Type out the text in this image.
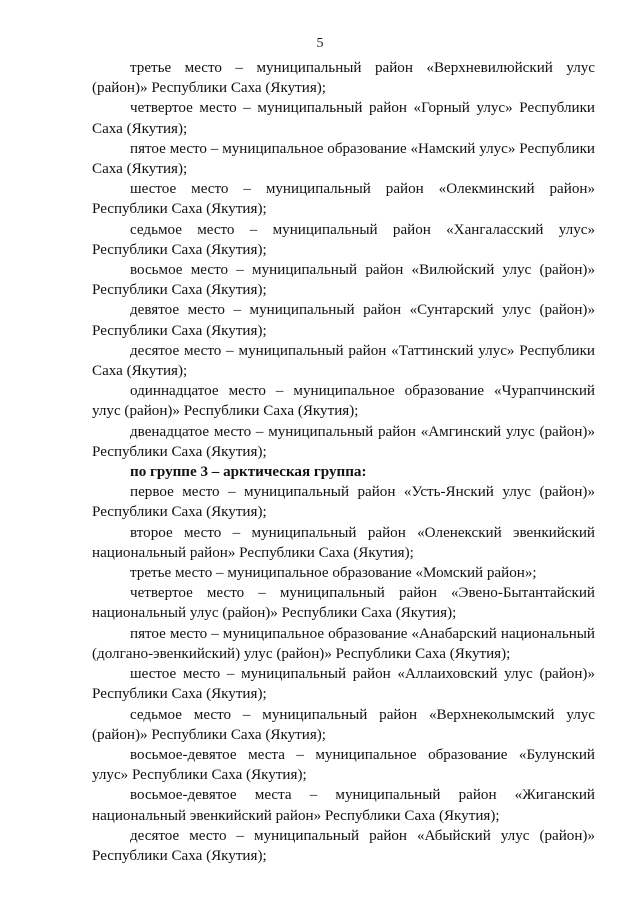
5

третье место – муниципальный район «Верхневилюйский улус
(район)» Республики Саха (Якутия);

четвертое место – муниципальный район «Горный улус» Республики
Саха (Якутия);

пятое место – муниципальное образование «Намский улус» Республики
Саха (Якутия);

шестое место – муниципальный район «Олекминский район»
Республики Саха (Якутия);

седьмое место – муниципальный район «Хангаласский улус»
Республики Саха (Якутия);

восьмое место – муниципальный район «Вилюйский улус (район)»
Республики Саха (Якутия);

девятое место – муниципальный район «Сунтарский улус (район)»
Республики Саха (Якутия);

десятое место – муниципальный район «Таттинский улус» Республики
Саха (Якутия);

одиннадцатое место – муниципальное образование «Чурапчинский
улус (район)» Республики Саха (Якутия);

двенадцатое место – муниципальный район «Амгинский улус (район)»
Республики Саха (Якутия);

по группе 3 – арктическая группа:

первое место – муниципальный район «Усть-Янский улус (район)»
Республики Саха (Якутия);

второе место – муниципальный район «Оленекский эвенкийский
национальный район» Республики Саха (Якутия);

третье место – муниципальное образование «Момский район»;

четвертое место – муниципальный район «Эвено-Бытантайский
национальный улус (район)» Республики Саха (Якутия);

пятое место – муниципальное образование «Анабарский национальный
(долгано-эвенкийский) улус (район)» Республики Саха (Якутия);

шестое место – муниципальный район «Аллаиховский улус (район)»
Республики Саха (Якутия);

седьмое место – муниципальный район «Верхнеколымский улус
(район)» Республики Саха (Якутия);

восьмое-девятое места – муниципальное образование «Булунский
улус» Республики Саха (Якутия);

восьмое-девятое места – муниципальный район «Жиганский
национальный эвенкийский район» Республики Саха (Якутия);

десятое место – муниципальный район «Абыйский улус (район)»
Республики Саха (Якутия);
